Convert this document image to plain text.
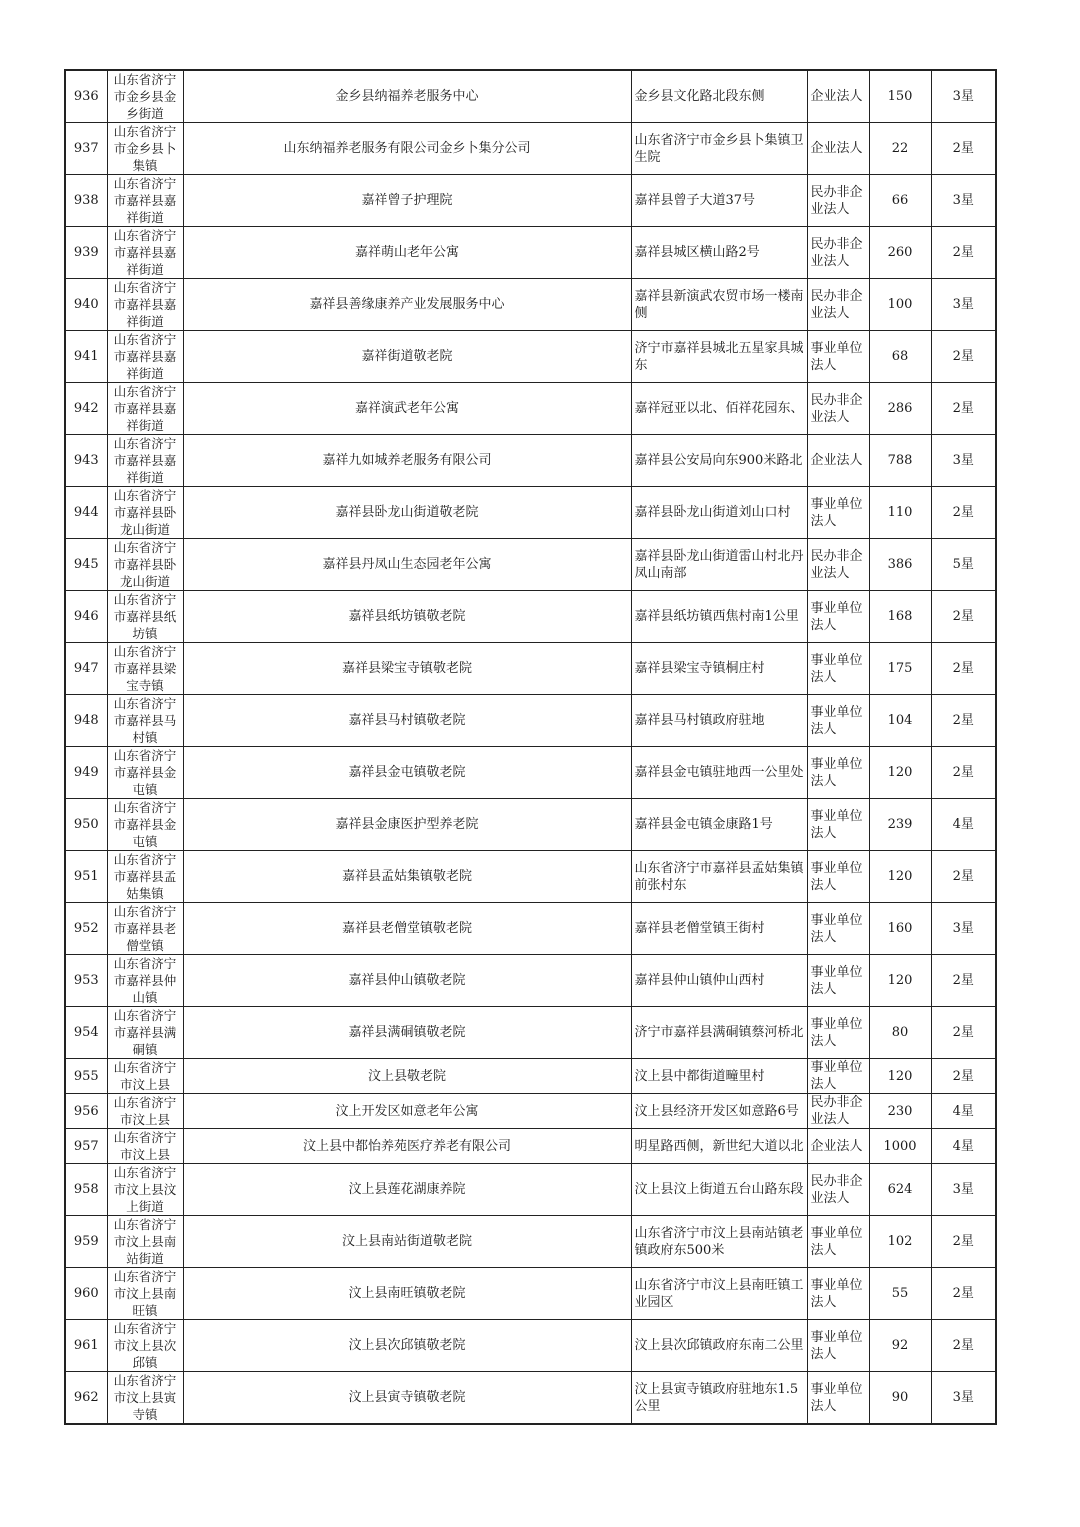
936	山东省济宁市金乡县金乡街道	金乡县纳福养老服务中心	金乡县文化路北段东侧	企业法人	150	3星
937	山东省济宁市金乡县卜集镇	山东纳福养老服务有限公司金乡卜集分公司	山东省济宁市金乡县卜集镇卫生院	企业法人	22	2星
938	山东省济宁市嘉祥县嘉祥街道	嘉祥曾子护理院	嘉祥县曾子大道37号	民办非企业法人	66	3星
939	山东省济宁市嘉祥县嘉祥街道	嘉祥萌山老年公寓	嘉祥县城区横山路2号	民办非企业法人	260	2星
940	山东省济宁市嘉祥县嘉祥街道	嘉祥县善缘康养产业发展服务中心	嘉祥县新演武农贸市场一楼南侧	民办非企业法人	100	3星
941	山东省济宁市嘉祥县嘉祥街道	嘉祥街道敬老院	济宁市嘉祥县城北五星家具城东	事业单位法人	68	2星
942	山东省济宁市嘉祥县嘉祥街道	嘉祥演武老年公寓	嘉祥冠亚以北、佰祥花园东、	民办非企业法人	286	2星
943	山东省济宁市嘉祥县嘉祥街道	嘉祥九如城养老服务有限公司	嘉祥县公安局向东900米路北	企业法人	788	3星
944	山东省济宁市嘉祥县卧龙山街道	嘉祥县卧龙山街道敬老院	嘉祥县卧龙山街道刘山口村	事业单位法人	110	2星
945	山东省济宁市嘉祥县卧龙山街道	嘉祥县丹凤山生态园老年公寓	嘉祥县卧龙山街道雷山村北丹凤山南部	民办非企业法人	386	5星
946	山东省济宁市嘉祥县纸坊镇	嘉祥县纸坊镇敬老院	嘉祥县纸坊镇西焦村南1公里	事业单位法人	168	2星
947	山东省济宁市嘉祥县梁宝寺镇	嘉祥县梁宝寺镇敬老院	嘉祥县梁宝寺镇桐庄村	事业单位法人	175	2星
948	山东省济宁市嘉祥县马村镇	嘉祥县马村镇敬老院	嘉祥县马村镇政府驻地	事业单位法人	104	2星
949	山东省济宁市嘉祥县金屯镇	嘉祥县金屯镇敬老院	嘉祥县金屯镇驻地西一公里处	事业单位法人	120	2星
950	山东省济宁市嘉祥县金屯镇	嘉祥县金康医护型养老院	嘉祥县金屯镇金康路1号	事业单位法人	239	4星
951	山东省济宁市嘉祥县孟姑集镇	嘉祥县孟姑集镇敬老院	山东省济宁市嘉祥县孟姑集镇前张村东	事业单位法人	120	2星
952	山东省济宁市嘉祥县老僧堂镇	嘉祥县老僧堂镇敬老院	嘉祥县老僧堂镇王街村	事业单位法人	160	3星
953	山东省济宁市嘉祥县仲山镇	嘉祥县仲山镇敬老院	嘉祥县仲山镇仲山西村	事业单位法人	120	2星
954	山东省济宁市嘉祥县满硐镇	嘉祥县满硐镇敬老院	济宁市嘉祥县满硐镇蔡河桥北	事业单位法人	80	2星
955	山东省济宁市汶上县	汶上县敬老院	汶上县中都街道疃里村	事业单位法人	120	2星
956	山东省济宁市汶上县	汶上开发区如意老年公寓	汶上县经济开发区如意路6号	民办非企业法人	230	4星
957	山东省济宁市汶上县	汶上县中都怡养苑医疗养老有限公司	明星路西侧，新世纪大道以北	企业法人	1000	4星
958	山东省济宁市汶上县汶上街道	汶上县莲花湖康养院	汶上县汶上街道五台山路东段	民办非企业法人	624	3星
959	山东省济宁市汶上县南站街道	汶上县南站街道敬老院	山东省济宁市汶上县南站镇老镇政府东500米	事业单位法人	102	2星
960	山东省济宁市汶上县南旺镇	汶上县南旺镇敬老院	山东省济宁市汶上县南旺镇工业园区	事业单位法人	55	2星
961	山东省济宁市汶上县次邱镇	汶上县次邱镇敬老院	汶上县次邱镇政府东南二公里	事业单位法人	92	2星
962	山东省济宁市汶上县寅寺镇	汶上县寅寺镇敬老院	汶上县寅寺镇政府驻地东1.5公里	事业单位法人	90	3星
